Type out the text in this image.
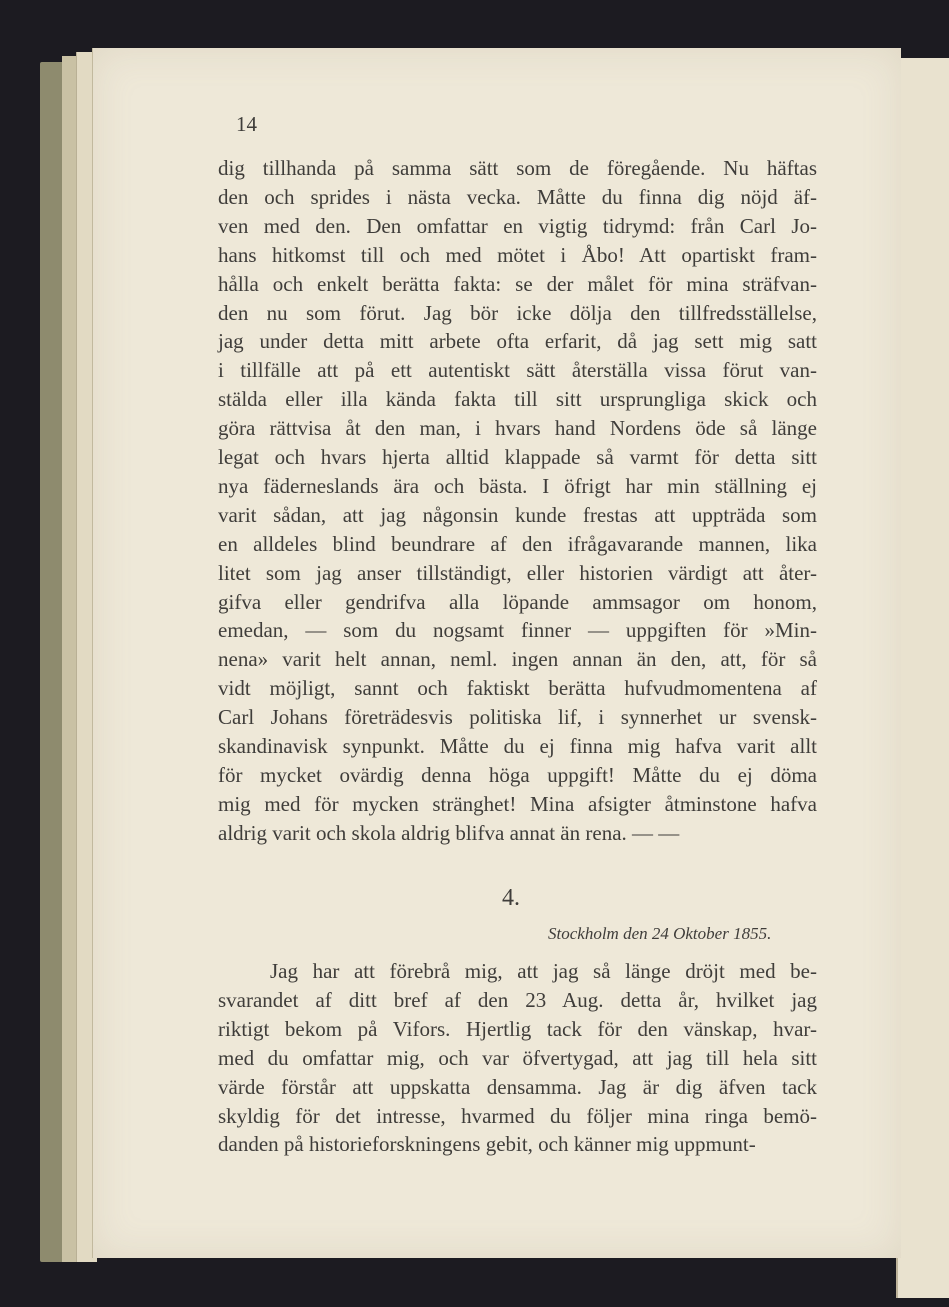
14
dig tillhanda på samma sätt som de föregående. Nu häftas
den och sprides i nästa vecka. Måtte du finna dig nöjd äf-
ven med den. Den omfattar en vigtig tidrymd: från Carl Jo-
hans hitkomst till och med mötet i Åbo! Att opartiskt fram-
hålla och enkelt berätta fakta: se der målet för mina sträfvan-
den nu som förut. Jag bör icke dölja den tillfredsställelse,
jag under detta mitt arbete ofta erfarit, då jag sett mig satt
i tillfälle att på ett autentiskt sätt återställa vissa förut van-
stälda eller illa kända fakta till sitt ursprungliga skick och
göra rättvisa åt den man, i hvars hand Nordens öde så länge
legat och hvars hjerta alltid klappade så varmt för detta sitt
nya fäderneslands ära och bästa. I öfrigt har min ställning ej
varit sådan, att jag någonsin kunde frestas att uppträda som
en alldeles blind beundrare af den ifrågavarande mannen, lika
litet som jag anser tillständigt, eller historien värdigt att åter-
gifva eller gendrifva alla löpande ammsagor om honom,
emedan, — som du nogsamt finner — uppgiften för »Min-
nena» varit helt annan, neml. ingen annan än den, att, för så
vidt möjligt, sannt och faktiskt berätta hufvudmomentena af
Carl Johans företrädesvis politiska lif, i synnerhet ur svensk-
skandinavisk synpunkt. Måtte du ej finna mig hafva varit allt
för mycket ovärdig denna höga uppgift! Måtte du ej döma
mig med för mycken stränghet! Mina afsigter åtminstone hafva
aldrig varit och skola aldrig blifva annat än rena. — —
4.
Stockholm den 24 Oktober 1855.
Jag har att förebrå mig, att jag så länge dröjt med be-
svarandet af ditt bref af den 23 Aug. detta år, hvilket jag
riktigt bekom på Vifors. Hjertlig tack för den vänskap, hvar-
med du omfattar mig, och var öfvertygad, att jag till hela sitt
värde förstår att uppskatta densamma. Jag är dig äfven tack
skyldig för det intresse, hvarmed du följer mina ringa bemö-
danden på historieforskningens gebit, och känner mig uppmunt-
